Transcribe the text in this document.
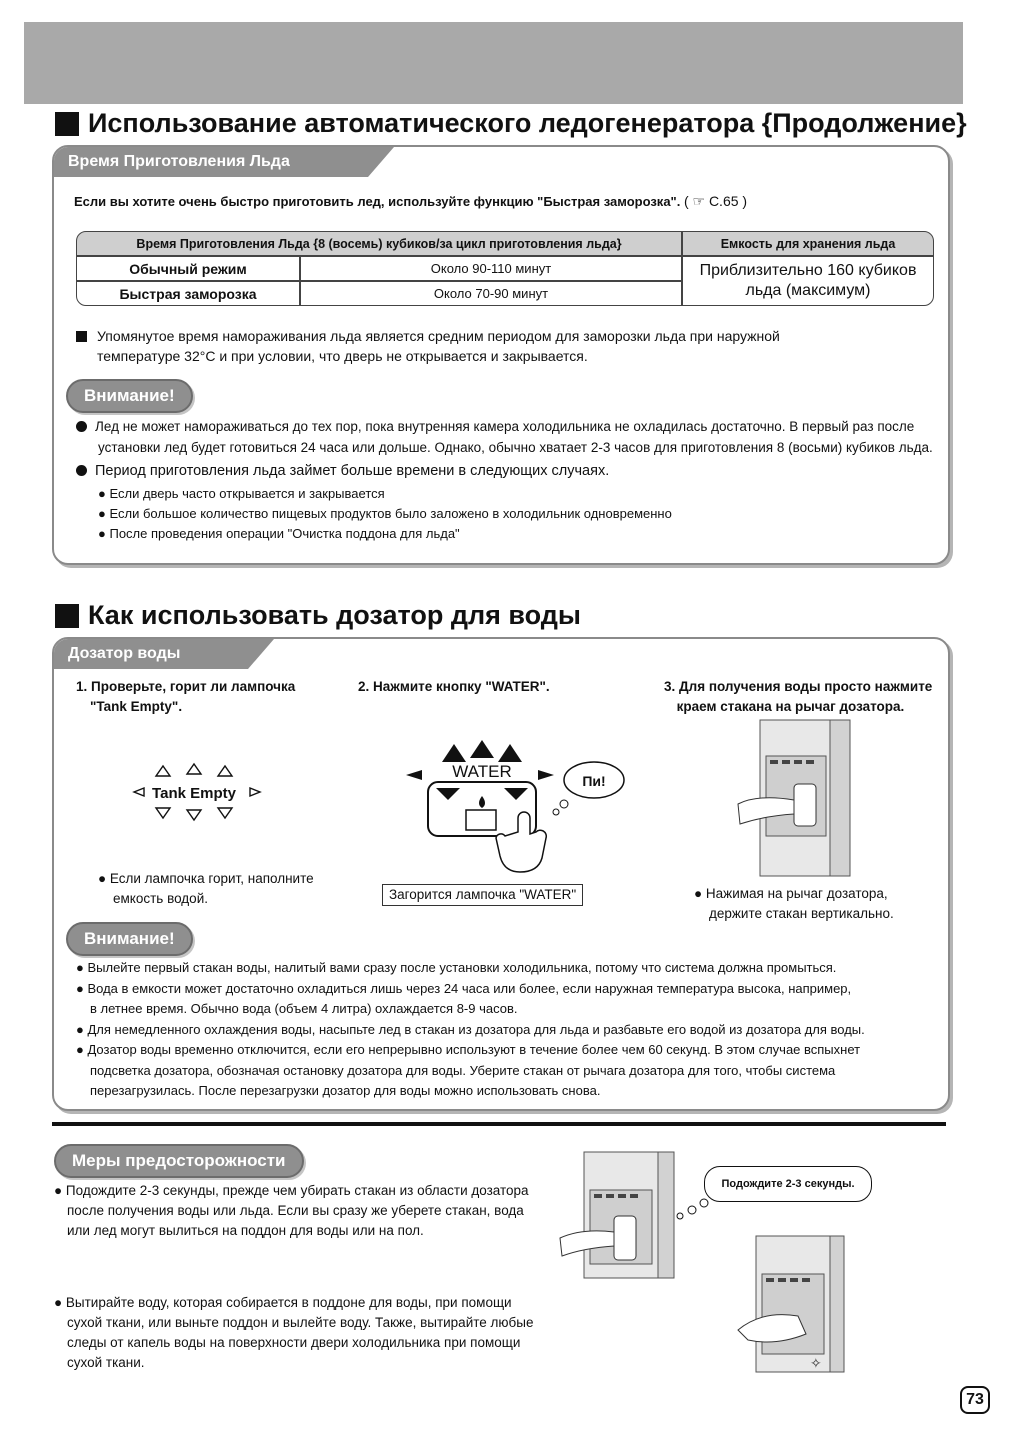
Использование автоматического ледогенератора {Продолжение}
Время Приготовления Льда
Если вы хотите очень быстро приготовить лед, используйте функцию "Быстрая заморозка". ( ☞ C.65 )
Время Приготовления Льда {8 (восемь) кубиков/за цикл приготовления льда}		Емкость для хранения льда
Обычный режим	Около 90-110 минут	Приблизительно 160 кубиков
льда (максимум)

Быстрая заморозка	Около 70-90 минут	
Упомянутое время намораживания льда является средним периодом для заморозки льда при наружной
температуре 32°C и при условии, что дверь не открывается и закрывается.
Внимание!
Лед не может намораживаться до тех пор, пока внутренняя камера холодильника не охладилась достаточно. В первый раз после
установки лед будет готовиться 24 часа или дольше. Однако, обычно хватает 2-3 часов для приготовления 8 (восьми) кубиков льда.
Период приготовления льда займет больше времени в следующих случаях.
● Если дверь часто открывается и закрывается
● Если большое количество пищевых продуктов было заложено в холодильник одновременно
● После проведения операции "Очистка поддона для льда"
Как использовать дозатор для воды
Дозатор воды
1. Проверьте, горит ли лампочка
"Tank Empty".
2. Нажмите кнопку "WATER".	3. Для получения воды просто нажмите
краем стакана на рычаг дозатора.
Tank Empty
WATER	Пи!
● Если лампочка горит, наполните
емкость водой.	Загорится лампочка "WATER"	● Нажимая на рычаг дозатора,
держите стакан вертикально.
Внимание!
● Вылейте первый стакан воды, налитый вами сразу после установки холодильника, потому что система должна промыться.
● Вода в емкости может достаточно охладиться лишь через 24 часа или более, если наружная температура высока, например,
в летнее время. Обычно вода (объем 4 литра) охлаждается 8-9 часов.
● Для немедленного охлаждения воды, насыпьте лед в стакан из дозатора для льда и разбавьте его водой из дозатора для воды.
● Дозатор воды временно отключится, если его непрерывно используют в течение более чем 60 секунд. В этом случае вспыхнет
подсветка дозатора, обозначая остановку дозатора для воды. Уберите стакан от рычага дозатора для того, чтобы система
перезагрузилась. После перезагрузки дозатор для воды можно использовать снова.
Меры предосторожности
● Подождите 2-3 секунды, прежде чем убирать стакан из области дозатора
после получения воды или льда. Если вы сразу же уберете стакан, вода
или лед могут вылиться на поддон для воды или на пол.
● Вытирайте воду, которая собирается в поддоне для воды, при помощи
сухой ткани, или выньте поддон и вылейте воду. Также, вытирайте любые
следы от капель воды на поверхности двери холодильника при помощи
сухой ткани.
Подождите 2-3 секунды.
✧
73
